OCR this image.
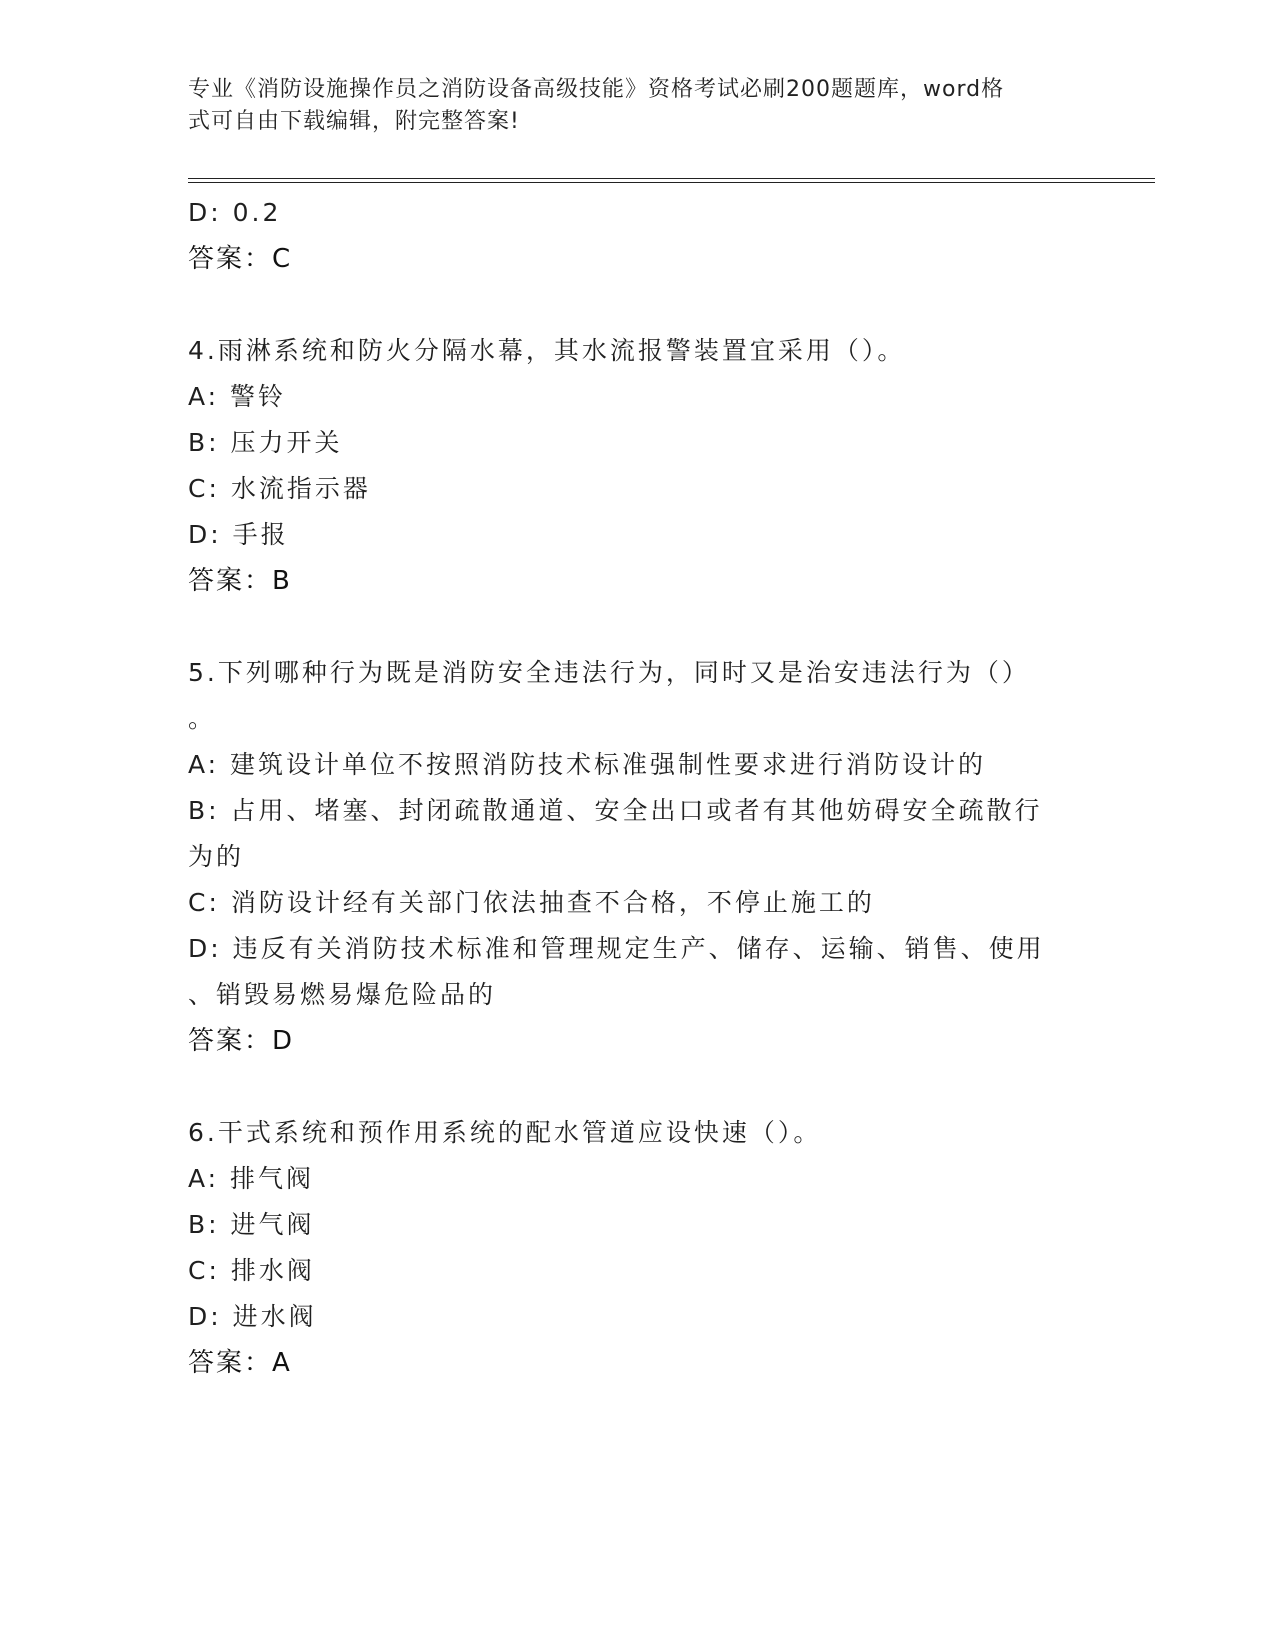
专业《消防设施操作员之消防设备高级技能》资格考试必刷200题题库，word格
式可自由下载编辑，附完整答案!
D: 0.2
答案：C
4.雨淋系统和防火分隔水幕，其水流报警装置宜采用（）。
A: 警铃
B: 压力开关
C: 水流指示器
D: 手报
答案：B
5.下列哪种行为既是消防安全违法行为，同时又是治安违法行为（）
。
A: 建筑设计单位不按照消防技术标准强制性要求进行消防设计的
B: 占用、堵塞、封闭疏散通道、安全出口或者有其他妨碍安全疏散行
为的
C: 消防设计经有关部门依法抽查不合格，不停止施工的
D: 违反有关消防技术标准和管理规定生产、储存、运输、销售、使用
、销毁易燃易爆危险品的
答案：D
6.干式系统和预作用系统的配水管道应设快速（）。
A: 排气阀
B: 进气阀
C: 排水阀
D: 进水阀
答案：A
